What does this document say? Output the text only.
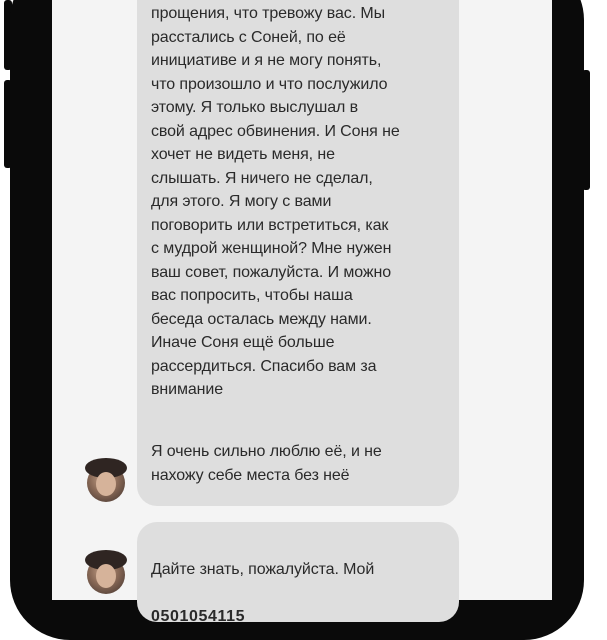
прощения, что тревожу вас. Мы
расстались с Соней, по её
инициативе и я не могу понять,
что произошло и что послужило
этому. Я только выслушал в
свой адрес обвинения. И Соня не
хочет не видеть меня, не
слышать. Я ничего не сделал,
для этого. Я могу с вами
поговорить или встретиться, как
с мудрой женщиной? Мне нужен
ваш совет, пожалуйста. И можно
вас попросить, чтобы наша
беседа осталась между нами.
Иначе Соня ещё больше
рассердиться. Спасибо вам за
внимание
Я очень сильно люблю её, и не
нахожу себе места без неё

Дайте знать, пожалуйста. Мой

0501054115
